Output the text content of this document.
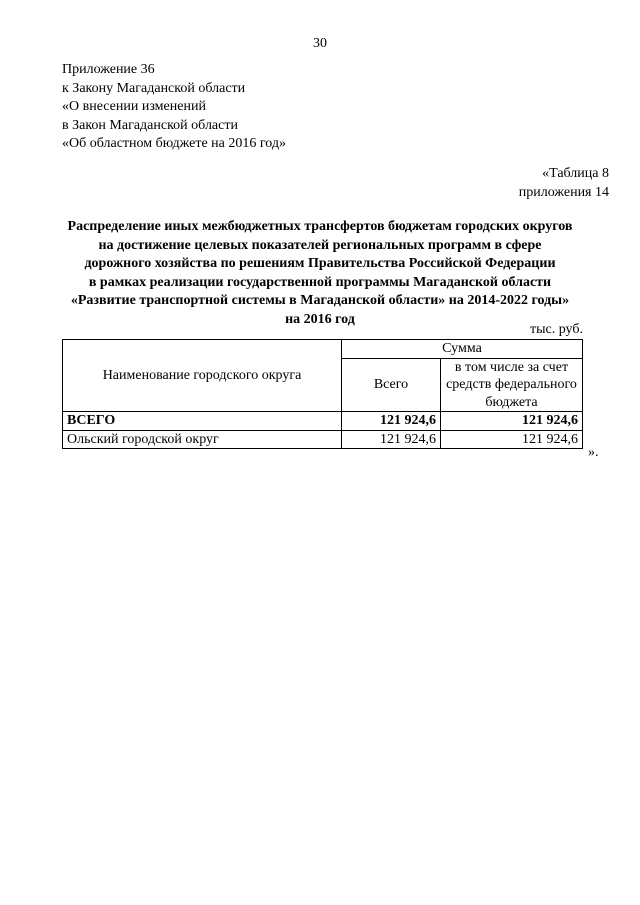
30
Приложение 36
к Закону Магаданской области
«О внесении изменений
в Закон Магаданской области
«Об областном бюджете на 2016 год»
«Таблица 8
приложения 14
Распределение иных межбюджетных трансфертов бюджетам городских округов
на достижение целевых показателей региональных программ в сфере
дорожного хозяйства по решениям Правительства Российской Федерации
в рамках реализации государственной программы Магаданской области
«Развитие транспортной системы в Магаданской области» на 2014-2022 годы»
на 2016 год
тыс. руб.
Наименование городского округа	Сумма	
	Всего	в том числе за счет средств федерального бюджета
ВСЕГО	121 924,6	121 924,6
Ольский городской округ	121 924,6	121 924,6
».
